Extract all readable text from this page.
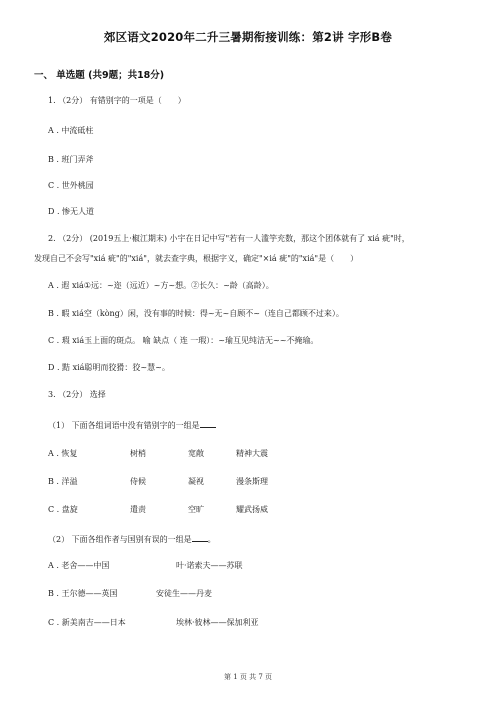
郊区语文2020年二升三暑期衔接训练：第2讲 字形B卷
一、 单选题 (共9题；共18分)
1. （2分） 有错别字的一项是（　　）
A . 中流砥柱
B . 班门弄斧
C . 世外桃园
D . 惨无人道
2. （2分） (2019五上·椒江期末) 小宇在日记中写"若有一人滥竽充数，那这个团体就有了 xiá 疵"时，
发现自己不会写"xiá 疵"的"xiá"，就去查字典，根据字义，确定"×iá 疵"的"xiá"是（　　）
A . 遐 xiá①远：~迩（远近）~方~想。②长久：~龄（高龄）。
B . 暇 xiá空（kòng）闲，没有事的时候：得~无~自顾不~（连自己都顾不过来）。
C . 瑕 xiá玉上面的斑点。 喻 缺点（ 连 一瑕）：~瑜互见纯洁无~~不掩瑜。
D . 黠 xiá聪明而狡猾：狡~慧~。
3. （2分） 选择
（1） 下面各组词语中没有错别字的一组是
A . 恢复	树梢	宽敞	精神大震
B . 洋溢	侍候	凝视	漫条斯理
C . 盘旋	遣责	空旷	耀武扬威
（2） 下面各组作者与国别有误的一组是 。
A . 老舍——中国	叶·诺索夫——苏联
B . 王尔德——英国	安徒生——丹麦
C . 新美南吉——日本	埃林·彼林——保加利亚
第 1 页 共 7 页
